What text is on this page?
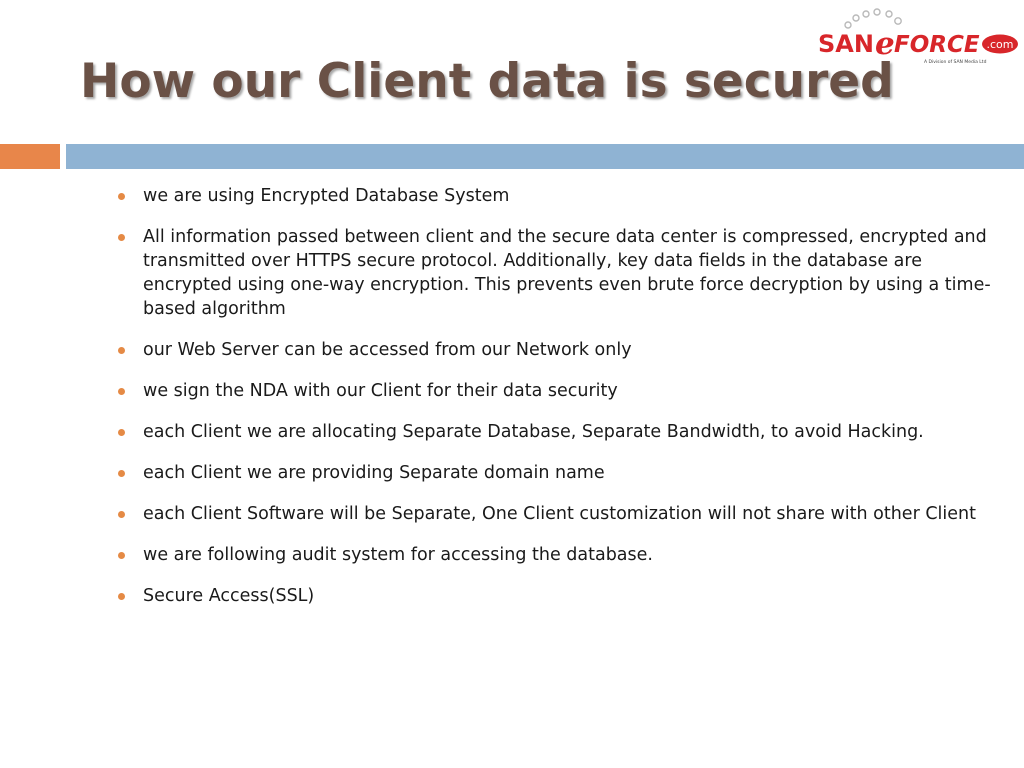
How our Client data is secured
SAN e FORCE .com
A Division of SAN Media Ltd
we are using Encrypted Database System
All information passed between client and the secure data center is compressed, encrypted and transmitted over HTTPS secure protocol. Additionally, key data fields in the database are encrypted using one-way encryption. This prevents even brute force decryption by using a time-based algorithm
our Web Server can be accessed from our Network only
we sign the NDA with our Client for their data security
each Client we are allocating Separate Database, Separate Bandwidth, to avoid Hacking.
each Client we are providing Separate domain name
each Client Software will be Separate, One Client customization will not share with other Client
we are following audit system for accessing the database.
Secure Access(SSL)
